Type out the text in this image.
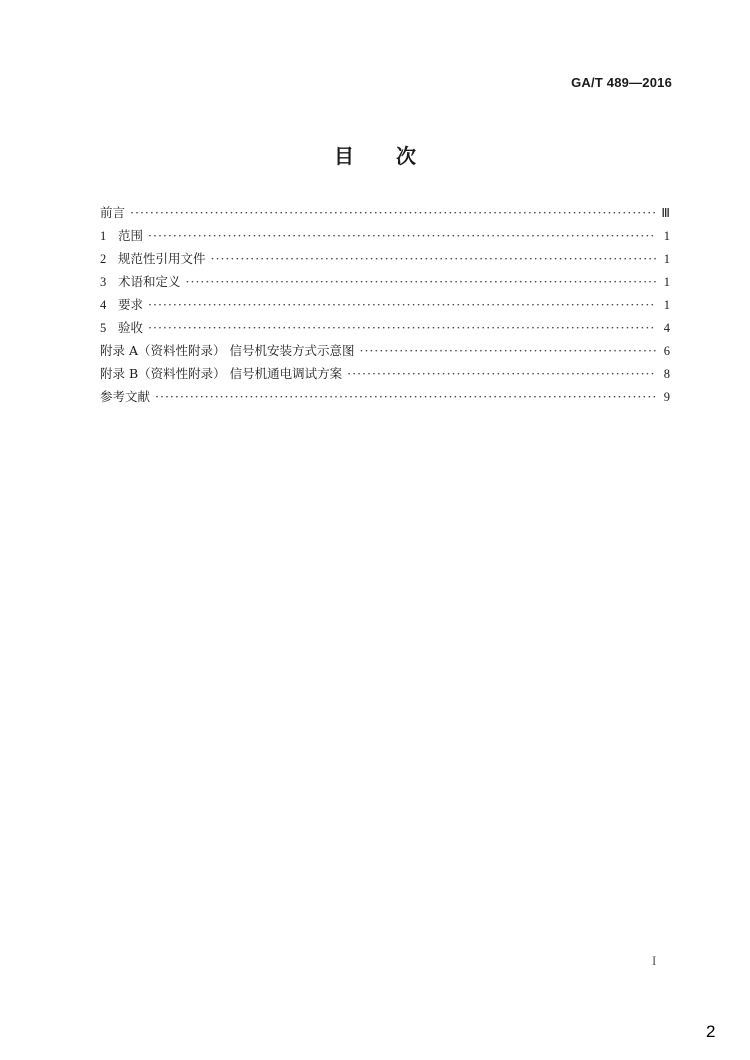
GA/T 489—2016
目次
前言 ·····	Ⅲ
1 范围 ·····	1
2 规范性引用文件 ·····	1
3 术语和定义 ·····	1
4 要求 ·····	1
5 验收 ·····	4
附录 A（资料性附录） 信号机安装方式示意图 ·····	6
附录 B（资料性附录） 信号机通电调试方案 ·····	8
参考文献 ·····	9
I
2
